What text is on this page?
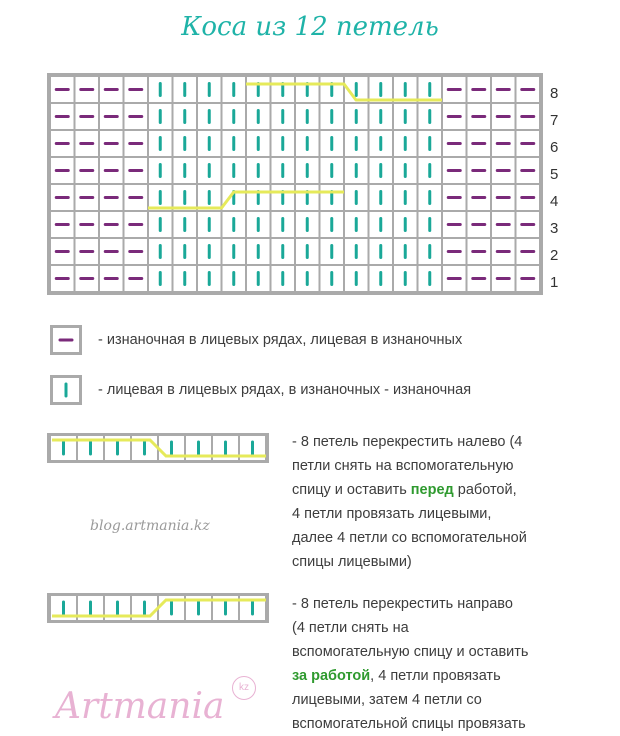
Коса из 12 петель
8
7
6
5
4
3
2
1
- изнаночная в лицевых рядах, лицевая в изнаночных
- лицевая в лицевых рядах, в изнаночных - изнаночная
- 8 петель перекрестить налево (4
петли снять на вспомогательную
спицу и оставить перед работой,
4 петли провязать лицевыми,
далее 4 петли со вспомогательной
спицы лицевыми)
- 8 петель перекрестить направо
(4 петли снять на
вспомогательную спицу и оставить
за работой, 4 петли провязать
лицевыми, затем 4 петли со
вспомогательной спицы провязать
blog.artmania.kz
Artmania	kz
